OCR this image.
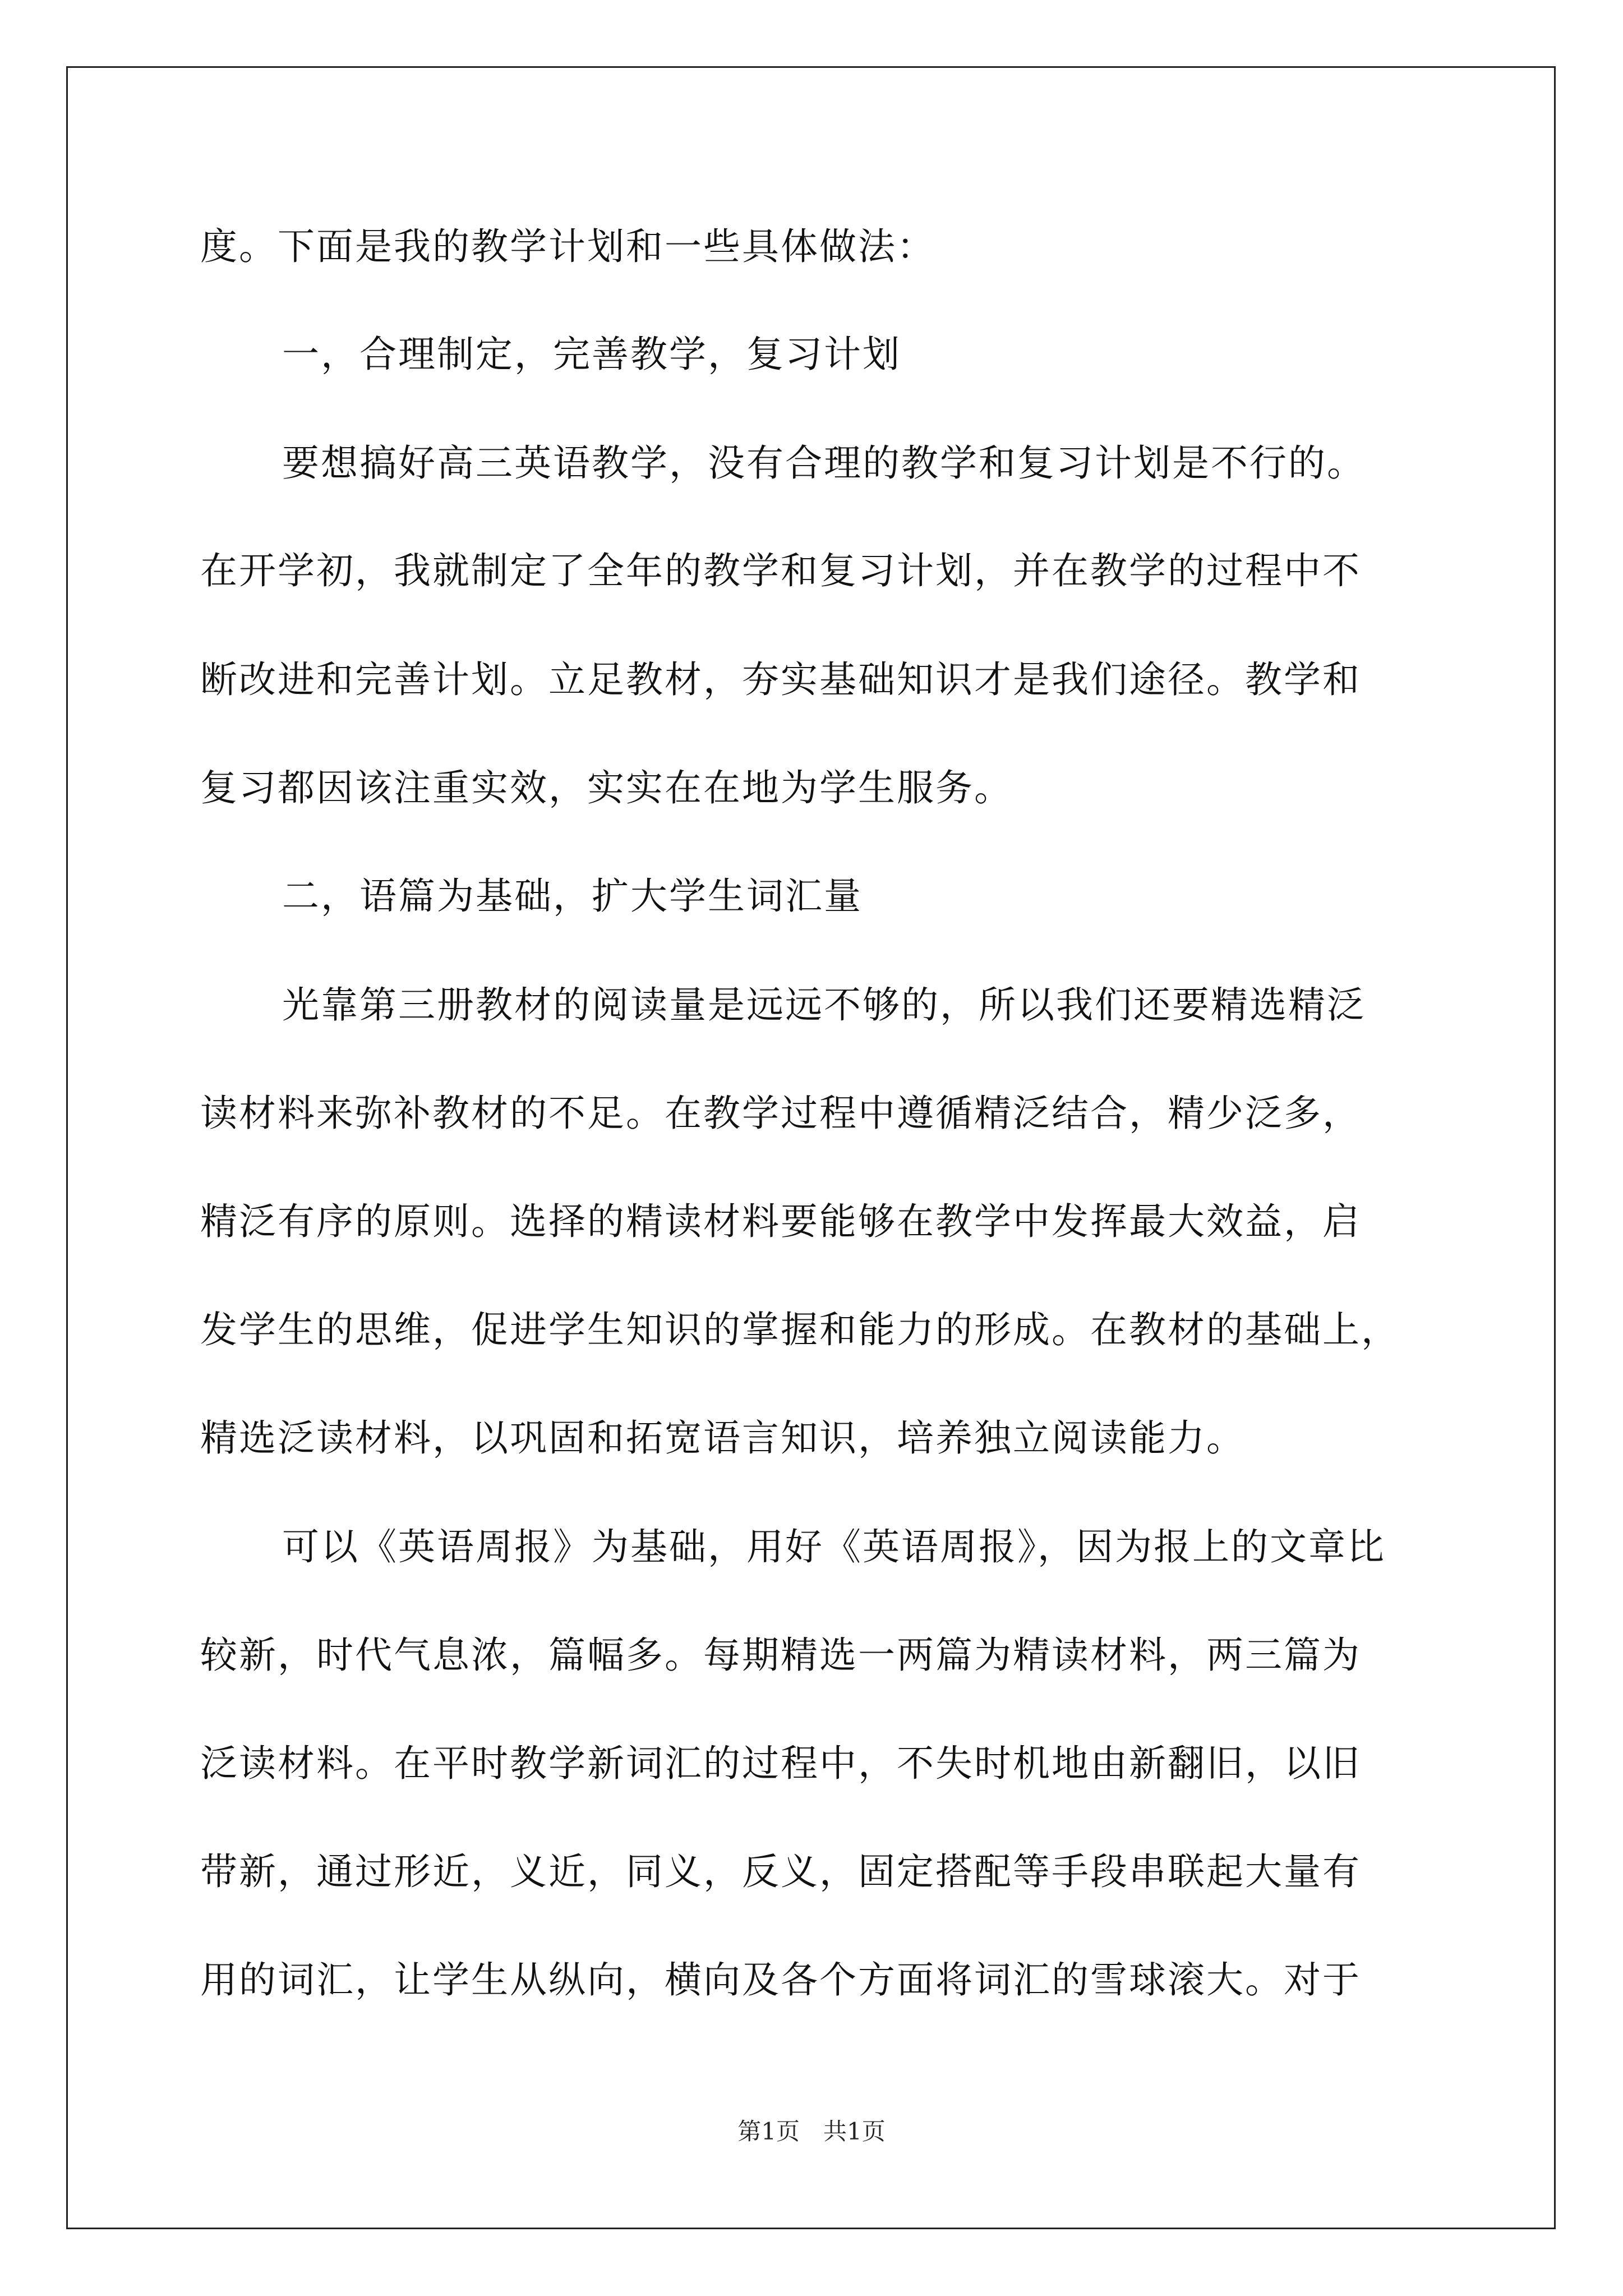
度。下面是我的教学计划和一些具体做法：
一，合理制定，完善教学，复习计划
要想搞好高三英语教学，没有合理的教学和复习计划是不行的。
在开学初，我就制定了全年的教学和复习计划，并在教学的过程中不
断改进和完善计划。立足教材，夯实基础知识才是我们途径。教学和
复习都因该注重实效，实实在在地为学生服务。
二，语篇为基础，扩大学生词汇量
光靠第三册教材的阅读量是远远不够的，所以我们还要精选精泛
读材料来弥补教材的不足。在教学过程中遵循精泛结合，精少泛多，
精泛有序的原则。选择的精读材料要能够在教学中发挥最大效益，启
发学生的思维，促进学生知识的掌握和能力的形成。在教材的基础上，
精选泛读材料，以巩固和拓宽语言知识，培养独立阅读能力。
可以《英语周报》为基础，用好《英语周报》，因为报上的文章比
较新，时代气息浓，篇幅多。每期精选一两篇为精读材料，两三篇为
泛读材料。在平时教学新词汇的过程中，不失时机地由新翻旧，以旧
带新，通过形近，义近，同义，反义，固定搭配等手段串联起大量有
用的词汇，让学生从纵向，横向及各个方面将词汇的雪球滚大。对于
第1页　共1页
